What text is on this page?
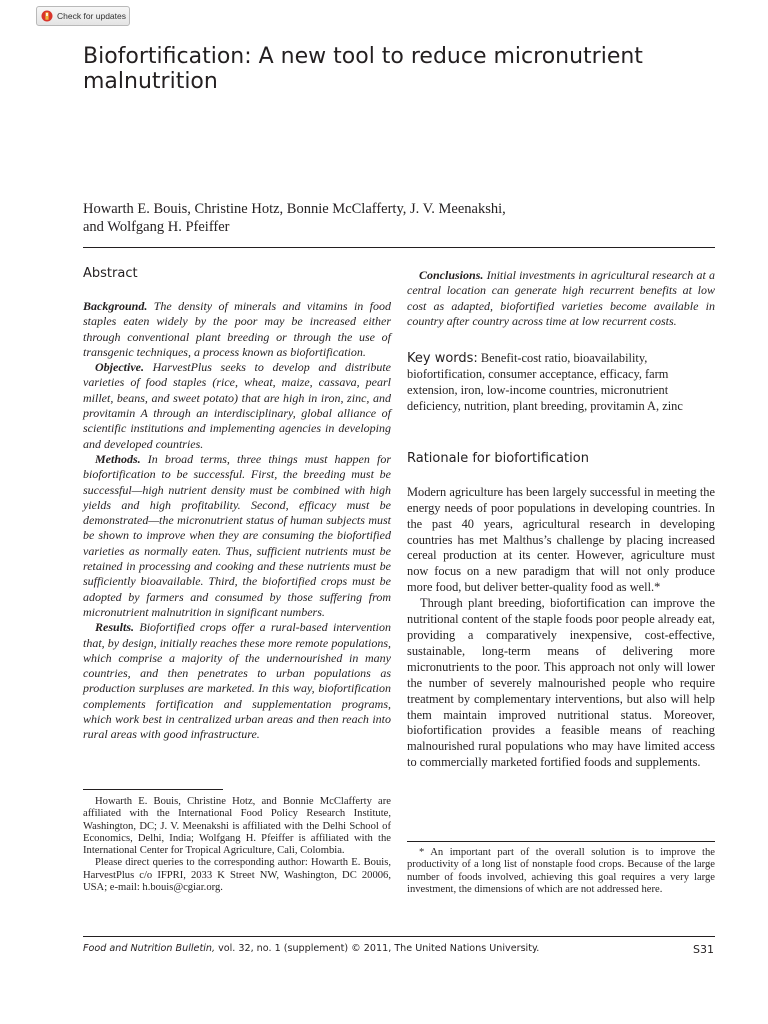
Check for updates
Biofortification: A new tool to reduce micronutrient malnutrition

Howarth E. Bouis, Christine Hotz, Bonnie McClafferty, J. V. Meenakshi,
and Wolfgang H. Pfeiffer

Abstract

Background. The density of minerals and vitamins in food staples eaten widely by the poor may be increased either through conventional plant breeding or through the use of transgenic techniques, a process known as biofortification.

Objective. HarvestPlus seeks to develop and distribute varieties of food staples (rice, wheat, maize, cassava, pearl millet, beans, and sweet potato) that are high in iron, zinc, and provitamin A through an interdisciplinary, global alliance of scientific institutions and implementing agencies in developing and developed countries.

Methods. In broad terms, three things must happen for biofortification to be successful. First, the breeding must be successful—high nutrient density must be combined with high yields and high profitability. Second, efficacy must be demonstrated—the micronutrient status of human subjects must be shown to improve when they are consuming the biofortified varieties as normally eaten. Thus, sufficient nutrients must be retained in processing and cooking and these nutrients must be sufficiently bioavailable. Third, the biofortified crops must be adopted by farmers and consumed by those suffering from micronutrient malnutrition in significant numbers.

Results. Biofortified crops offer a rural-based intervention that, by design, initially reaches these more remote populations, which comprise a majority of the undernourished in many countries, and then penetrates to urban populations as production surpluses are marketed. In this way, biofortification complements fortification and supplementation programs, which work best in centralized urban areas and then reach into rural areas with good infrastructure.

Conclusions. Initial investments in agricultural research at a central location can generate high recurrent benefits at low cost as adapted, biofortified varieties become available in country after country across time at low recurrent costs.

Key words: Benefit-cost ratio, bioavailability, biofortification, consumer acceptance, efficacy, farm extension, iron, low-income countries, micronutrient deficiency, nutrition, plant breeding, provitamin A, zinc

Rationale for biofortification

Modern agriculture has been largely successful in meeting the energy needs of poor populations in developing countries. In the past 40 years, agricultural research in developing countries has met Malthus’s challenge by placing increased cereal production at its center. However, agriculture must now focus on a new paradigm that will not only produce more food, but deliver better-quality food as well.*

Through plant breeding, biofortification can improve the nutritional content of the staple foods poor people already eat, providing a comparatively inexpensive, cost-effective, sustainable, long-term means of delivering more micronutrients to the poor. This approach not only will lower the number of severely malnourished people who require treatment by complementary interventions, but also will help them maintain improved nutritional status. Moreover, biofortification provides a feasible means of reaching malnourished rural populations who may have limited access to commercially marketed fortified foods and supplements.

Howarth E. Bouis, Christine Hotz, and Bonnie McClafferty are affiliated with the International Food Policy Research Institute, Washington, DC; J. V. Meenakshi is affiliated with the Delhi School of Economics, Delhi, India; Wolfgang H. Pfeiffer is affiliated with the International Center for Tropical Agriculture, Cali, Colombia.

Please direct queries to the corresponding author: Howarth E. Bouis, HarvestPlus c/o IFPRI, 2033 K Street NW, Washington, DC 20006, USA; e-mail: h.bouis@cgiar.org.

* An important part of the overall solution is to improve the productivity of a long list of nonstaple food crops. Because of the large number of foods involved, achieving this goal requires a very large investment, the dimensions of which are not addressed here.

Food and Nutrition Bulletin, vol. 32, no. 1 (supplement) © 2011, The United Nations University.	S31
